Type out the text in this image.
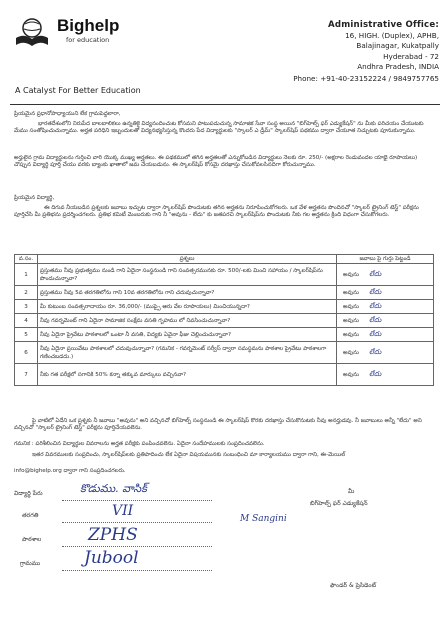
Bighelp
for education
A Catalyst For Better Education
Administrative Office:
16, HIGH. (Duplex), APHB,
Balajinagar, Kukatpally
Hyderabad - 72
Andhra Pradesh, INDIA
Phone: +91-40-23152224 / 9849757765
ప్రియమైన ప్రధానోపాధ్యాయుని లేక గ్రామపెద్దలారా,
భారతదేశంలోని నిరుపేద బాలబాలికలు ఉన్నతికై విద్యనందించుట కోసమని పాటుపడుచున్న సామాజిక సేవా సంస్థ అయిన "బిగ్‌హెల్ప్ ఫర్ ఎడ్యుకేషన్" ను మీకు పరిచయం చేయుటకు మేము సంతోషించుచున్నాము. అర్హత పరిధిని ఇబ్బందులతో విద్యనభ్యసిస్తున్న కొందరు పేద విద్యార్థులకు "స్కాలర్ ఎ డ్రీమ్" స్కాలర్‌షిప్ పథకము ద్వారా చేయూత నిచ్చుటకు పూనుకున్నాము.
అర్హులైన గ్రామ విద్యార్థులను గుర్తించి వారి యొక్క ముఖ్య అర్హతలు. ఈ పథకములో తగిన అర్హతలతో ఎన్నుకోబడిన విద్యార్థులు నెలకు రూ. 250/- (అక్షరాల రెండువందల యాభై రూపాయలు) చొప్పున విద్యార్థి పూర్తి చేయు వరకు బ్యాంకు ఖాతాలో జమ చేయబడును. ఈ స్కాలర్‌షిప్ కోసమై దరఖాస్తు చేసుకోవలసినదిగా కోరుచున్నాము.
ప్రియమైన విద్యార్థి,
ఈ దిగువ నీయబడిన ప్రశ్నలకు జవాబు ఇచ్చుట ద్వారా స్కాలర్‌షిప్ పొందుటకు తగిన అర్హతను నిరూపించుకోగలరు. ఒక వేళ అర్హతను పొందినచో "స్కాలర్ ట్రైనింగ్ టెస్ట్" పరీక్షను పూర్తిచేసి మీ ప్రతిభను ప్రదర్శించగలరు. ప్రతిభ కమిటీ మెంబరుకు గాని నీ "అవును - లేదు" కు జతపరచి స్కాలర్‌షిప్‌ను పొందుటకు నీకు గల అర్హతను క్రింది విధంగా చేసుకోగలరు.
వ.సం.	ప్రశ్నలు	జవాబు పై గుర్తు పెట్టండి
1	ప్రస్తుతము నీవు ప్రభుత్వము నుండి గాని ఏదైనా సంస్థనుండి గాని సంవత్సరమునకు రూ. 500/-లకు మించి సహాయం / స్కాలర్‌షిప్‌ను పొందుచున్నావా?	అవును లేదు
2	ప్రస్తుతము నీవు 5వ తరగతిలోను గాని 10వ తరగతిలోను గాని చదువుచున్నావా?	అవును లేదు
3	మీ కుటుంబ సంవత్సరాదాయం రూ. 36,000/- (ముప్పై ఆరు వేల రూపాయలు) మించియున్నదా?	అవును లేదు
4	నీవు గవర్నమెంట్ గాని ఏదైనా సామాజిక సంక్షేమ వసతి గృహము లో నివసించుచున్నావా?	అవును లేదు
5	నీవు ఏదైనా ప్రైవేటు పాఠశాలలో ఒంటా నీ వసతి, విద్యకు ఏవైనా ఫీజు చెల్లించుచున్నావా?	అవును లేదు
6	నీవు ఏదైనా ప్రయివేటు పాఠశాలలో చదువుచున్నావా? (గమనిక - గవర్నమెంట్ సర్వీస్ ద్వారా సమస్థమను పాఠశాల ప్రైవేటు పాఠశాలగా గణించబడదు.)	అవును లేదు
7	నీకు గత పరీక్షలో సగానికి 50% కన్నా తక్కువ మార్కులు వచ్చినవా?	అవును లేదు
పై వాటిలో ఏదేని ఒక ప్రశ్నకు నీ జవాబు "అవును" అని వచ్చినచో బిగ్‌హెల్ప్ సంస్థనుండి ఈ స్కాలర్‌షిప్ కొరకు దరఖాస్తు చేసుకొనుటకు నీవు అనర్హుడవు. నీ జవాబులు అన్నీ "లేదు" అని వచ్చినచో "స్కాలర్ ట్రైనింగ్ టెస్ట్" పరీక్షను పూర్తిచేయవలెను.
గమనిక : పరిశీలించిన విద్యార్థుల వివరాలను అర్హత పరీక్షకు పంపించవలెను. ఏదైనా సందేహములకు సంప్రదించవలెను.
ఇతర వివరములకు సంప్రదించు, స్కాలర్‌షిప్‌లకు ప్రతిపాదించు లేక ఏదైనా విషయమునకు సంబంధించి మా కార్యాలయము ద్వారా గాని, ఈ-మెయిల్
info@bighelp.org ద్వారా గాని సంప్రదించగలరు.
విద్యార్థి పేరు	కొడుము. వాసిక్
తరగతి	VII
పాఠశాల	ZPHS
గ్రామము	Jubool
M Sangini
మీ
బిగ్‌హెల్ప్ ఫర్ ఎడ్యుకేషన్
ఫౌండర్ & ప్రెసిడెంట్
